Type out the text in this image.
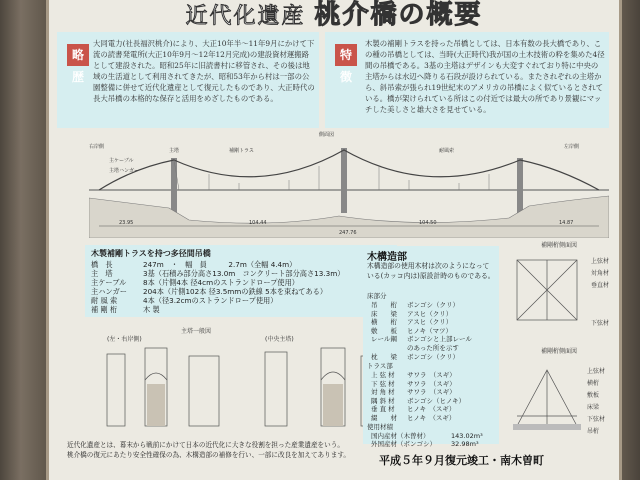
近代化遺産 桃介橋の概要
略歴
大同電力(社長福沢桃介)により、大正10年半〜11年9月にかけて下流の読書発電所(大正10年9月〜12年12月完成)の建設資材運搬路として建設された。昭和25年に旧読書村に移管され、その後は地域の生活道として利用されてきたが、昭和53年から村は一部の公園整備に併せて近代化遺産として復元したものであり、大正時代の長大吊橋の本格的な保存と活用をめざしたものである。
特徴
木製の補剛トラスを持った吊橋としては、日本有数の長大橋であり、この種の吊橋としては、当時(大正時代)我が国の土木技術の粋を集めた4径間の吊橋である。3基の主塔はデザインも大変すぐれており特に中央の主塔からは水辺へ降りる石段が設けられている。またされぞれの主塔から、斜吊索が張られ19世紀末のアメリカの吊橋によく似ているとされている。橋が架けられている所はこの付近では最大の所であり景観にマッチした美しさと雄大さを見せている。
23.95	104.44	104.50	14.87
247.76
側面図
右岸側
主塔
左岸側
主ケーブル
主塔ハンガー
補剛トラス	耐風索
木製補剛トラスを持つ多径間吊橋
橋　長	247m　・　幅　員　　　2.7m（全幅 4.4m）
主　塔	3基（石積み部分高さ13.0m　コンクリート部分高さ13.3m）
主ケーブル 8本（片側4本 径4cmのストランドロープ使用）
主ハンガー 204本（片側102本 径3.5mmの鉄線 5本を束ねてある）
耐 風 索	4本（径3.2cmのストランドロープ使用）
補 剛 桁	木 製
主塔一般図
(左・右岸側)	(中央主塔)
木構造部
木構造部の使用木材は次のようになっている(カッコ内は)原設計時のものである。
床部分
吊　　桁 ボンゴシ（クリ）
床　　梁 アスヒ（クリ）
横　　桁 アスヒ（クリ）
敷　　板 ヒノキ（マツ）
レール鋼 ボンゴシと上部レール
のあった所を示す
枕　　梁 ボンゴシ（クリ）
トラス部
上 弦 材 サワラ　（スギ）
下 弦 材 サワラ　（スギ）
対 角 材 サワラ　（スギ）
隅 斜 材 ボンゴシ（ヒノキ）
垂 直 材 ヒノキ　（スギ）
綴　　材 ヒノキ　（スギ）
使用材積
国内産材（木曽材）	143.02m³
外国産材（ボンゴシ） 32.98m³
補剛桁側面図
上弦材
対角材
垂直材
下弦材
補剛桁側面図
上弦材
横桁
敷板
床梁
下弦材
吊桁
近代化遺産とは、幕末から戦前にかけて日本の近代化に大きな役割を担った産業遺産をいう。
桃介橋の復元にあたり安全性確保の為、木構造部の補修を行い、一部に改良を加えてあります。	平成５年９月復元竣工・南木曽町
